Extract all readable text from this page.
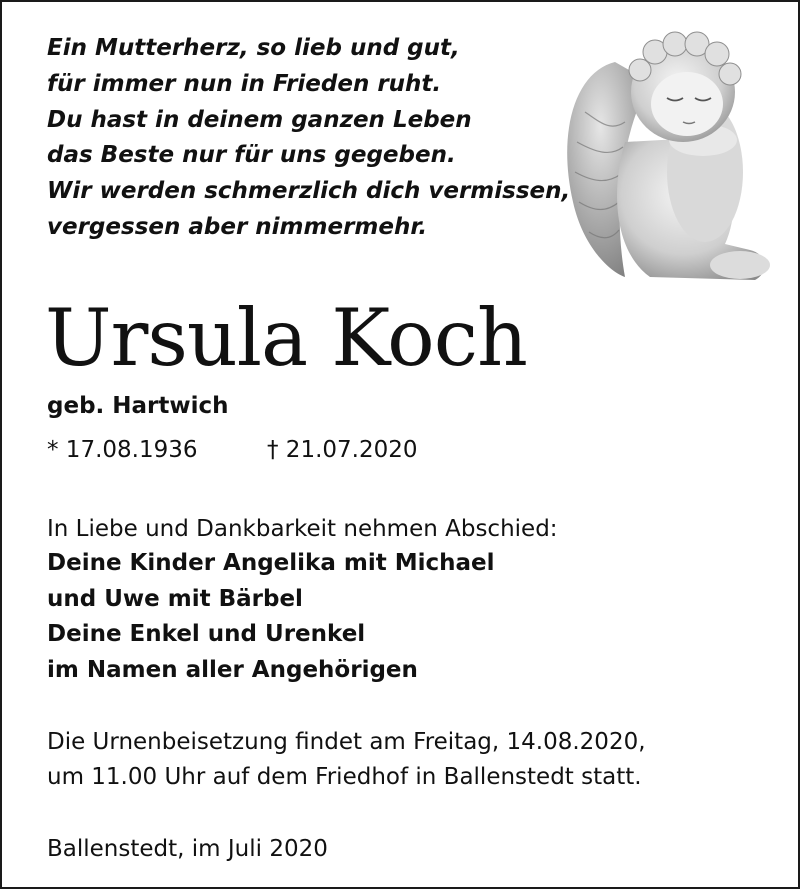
Ein Mutterherz, so lieb und gut,
für immer nun in Frieden ruht.
Du hast in deinem ganzen Leben
das Beste nur für uns gegeben.
Wir werden schmerzlich dich vermissen,
vergessen aber nimmermehr.
Ursula Koch
geb. Hartwich
* 17.08.1936	† 21.07.2020
In Liebe und Dankbarkeit nehmen Abschied:
Deine Kinder Angelika mit Michael
und Uwe mit Bärbel
Deine Enkel und Urenkel
im Namen aller Angehörigen
Die Urnenbeisetzung findet am Freitag, 14.08.2020,
um 11.00 Uhr auf dem Friedhof in Ballenstedt statt.
Ballenstedt, im Juli 2020
